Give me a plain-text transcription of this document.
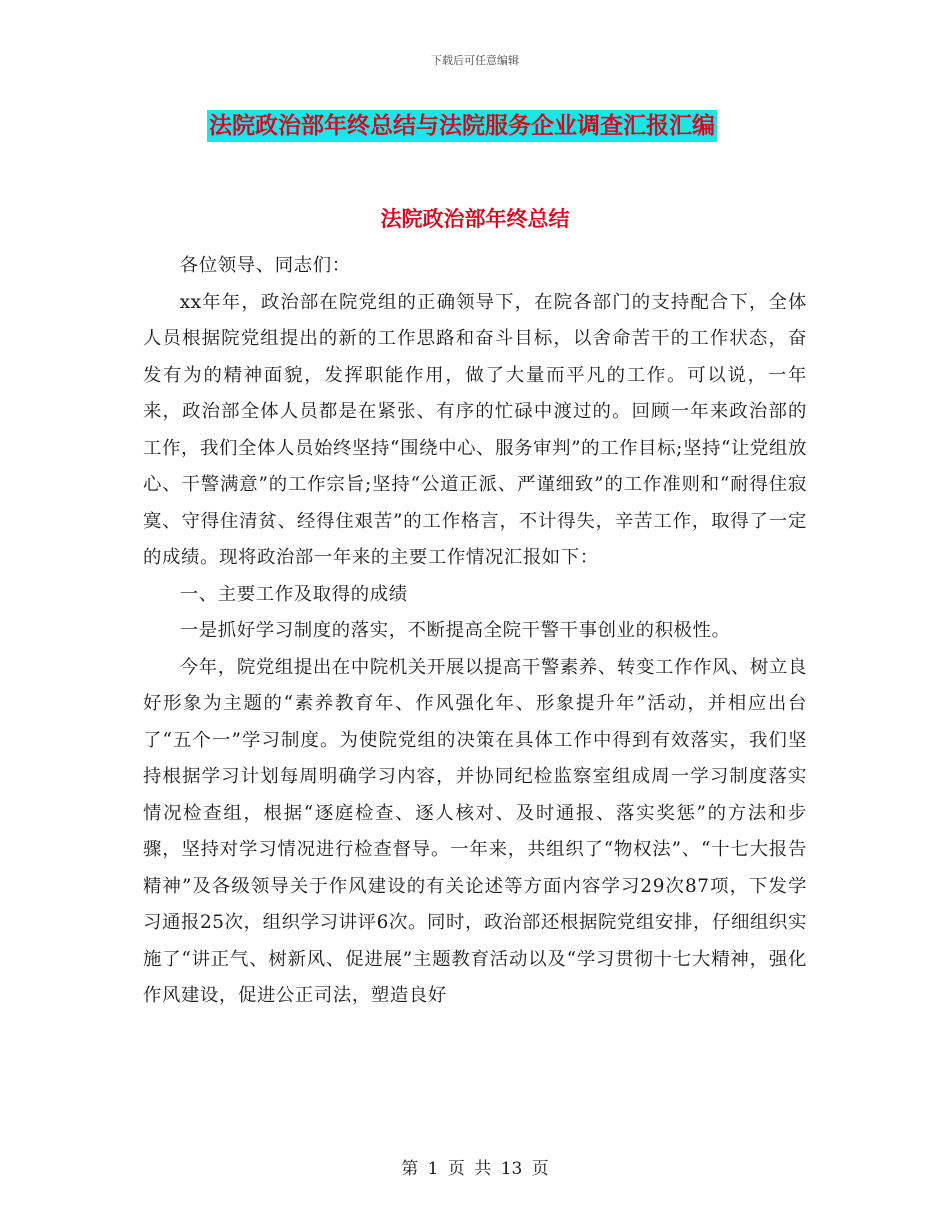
下载后可任意编辑
法院政治部年终总结与法院服务企业调查汇报汇编
法院政治部年终总结

各位领导、同志们：

xx年年，政治部在院党组的正确领导下，在院各部门的支持配合下，全体人员根据院党组提出的新的工作思路和奋斗目标，以舍命苦干的工作状态，奋发有为的精神面貌，发挥职能作用，做了大量而平凡的工作。可以说，一年来，政治部全体人员都是在紧张、有序的忙碌中渡过的。回顾一年来政治部的工作，我们全体人员始终坚持“围绕中心、服务审判”的工作目标;坚持“让党组放心、干警满意”的工作宗旨;坚持“公道正派、严谨细致”的工作准则和“耐得住寂寞、守得住清贫、经得住艰苦”的工作格言，不计得失，辛苦工作，取得了一定的成绩。现将政治部一年来的主要工作情况汇报如下：

一、主要工作及取得的成绩

一是抓好学习制度的落实，不断提高全院干警干事创业的积极性。

今年，院党组提出在中院机关开展以提高干警素养、转变工作作风、树立良好形象为主题的“素养教育年、作风强化年、形象提升年”活动，并相应出台了“五个一”学习制度。为使院党组的决策在具体工作中得到有效落实，我们坚持根据学习计划每周明确学习内容，并协同纪检监察室组成周一学习制度落实情况检查组，根据“逐庭检查、逐人核对、及时通报、落实奖惩”的方法和步骤，坚持对学习情况进行检查督导。一年来，共组织了“物权法”、“十七大报告精神”及各级领导关于作风建设的有关论述等方面内容学习29次87项，下发学习通报25次，组织学习讲评6次。同时，政治部还根据院党组安排，仔细组织实施了“讲正气、树新风、促进展”主题教育活动以及“学习贯彻十七大精神，强化作风建设，促进公正司法，塑造良好

第 1 页 共 13 页
